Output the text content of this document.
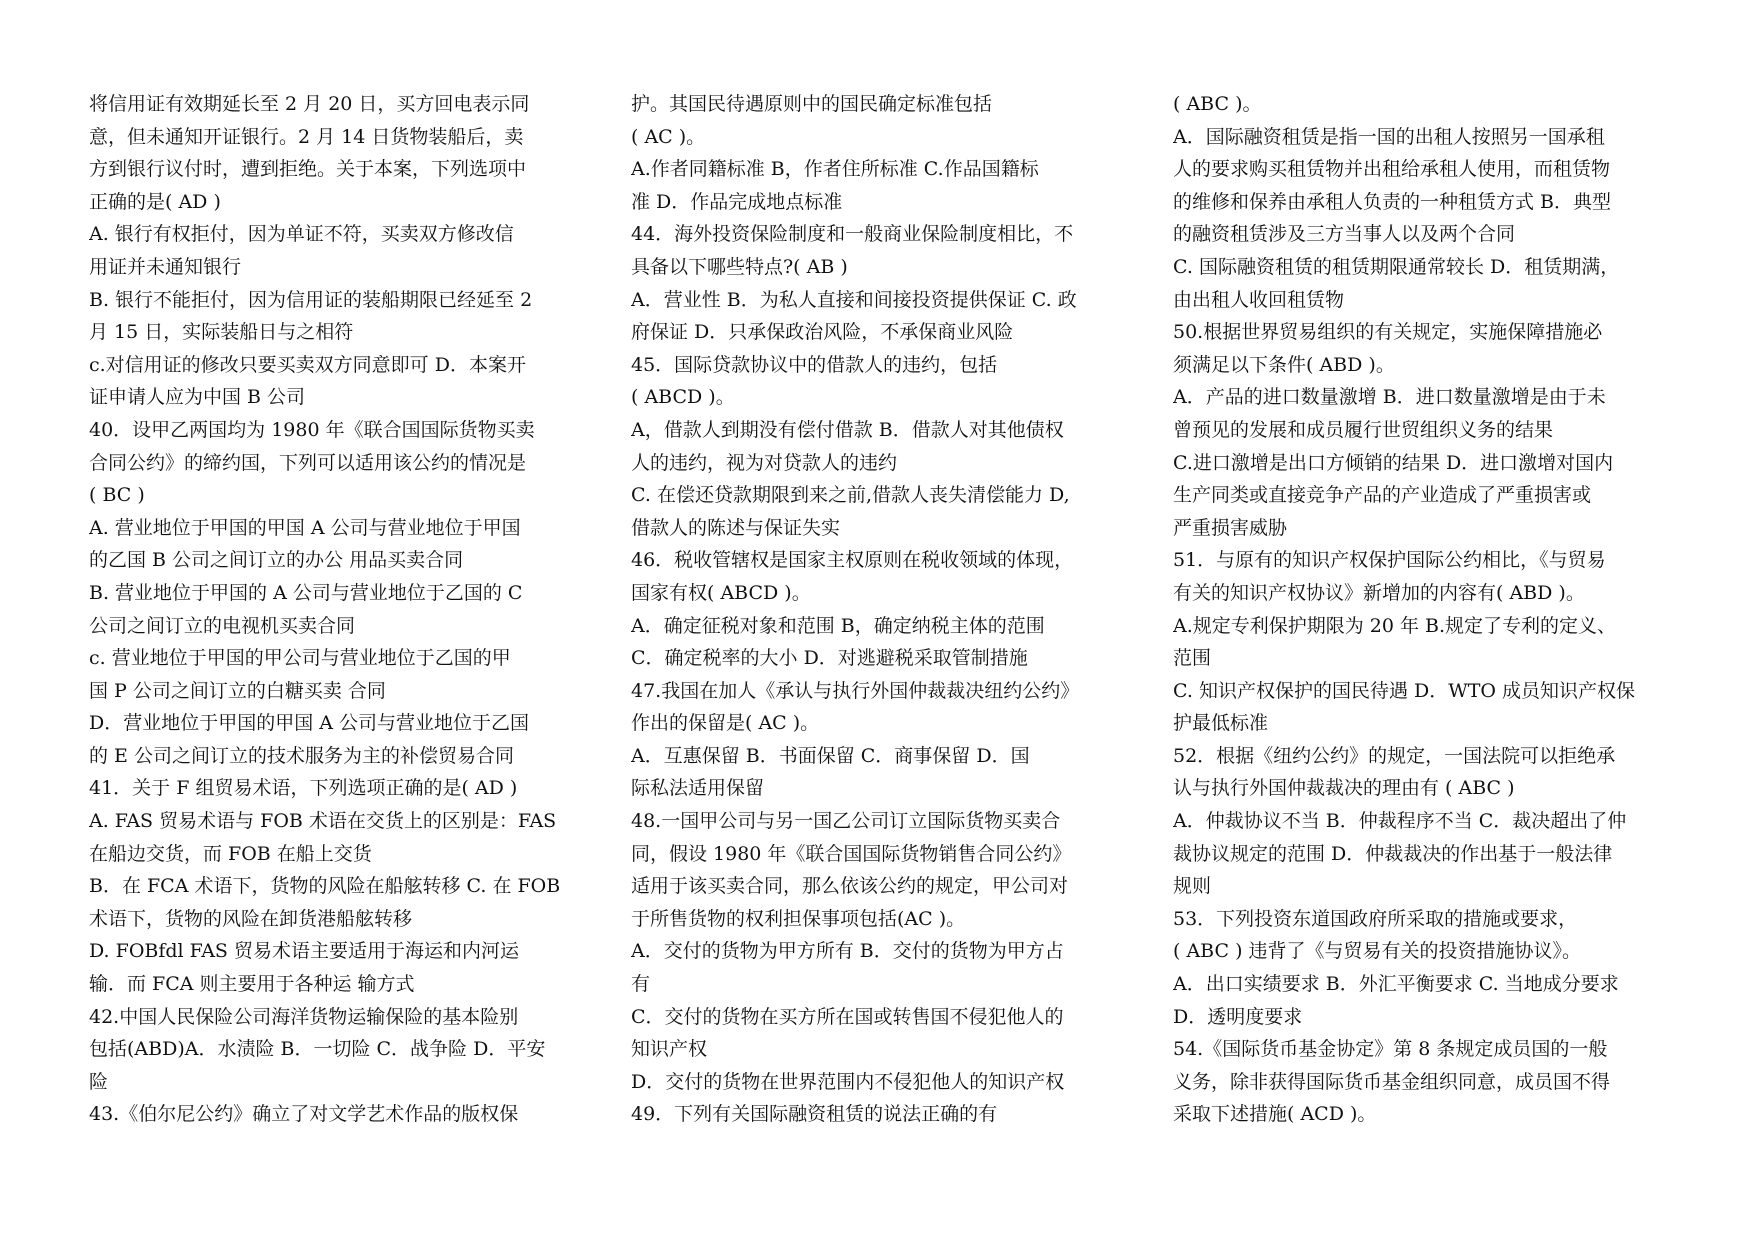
将信用证有效期延长至 2 月 20 日，买方回电表示同
意，但未通知开证银行。2 月 14 日货物装船后，卖
方到银行议付时，遭到拒绝。关于本案，下列选项中
正确的是( AD )
A. 银行有权拒付，因为单证不符，买卖双方修改信
用证并未通知银行
B. 银行不能拒付，因为信用证的装船期限已经延至 2
月 15 日，实际装船日与之相符
c.对信用证的修改只要买卖双方同意即可 D．本案开
证申请人应为中国 B 公司
40．设甲乙两国均为 1980 年《联合国国际货物买卖
合同公约》的缔约国，下列可以适用该公约的情况是
( BC )
A. 营业地位于甲国的甲国 A 公司与营业地位于甲国
的乙国 B 公司之间订立的办公 用品买卖合同
B. 营业地位于甲国的 A 公司与营业地位于乙国的 C
公司之间订立的电视机买卖合同
c. 营业地位于甲国的甲公司与营业地位于乙国的甲
国 P 公司之间订立的白糖买卖 合同
D．营业地位于甲国的甲国 A 公司与营业地位于乙国
的 E 公司之间订立的技术服务为主的补偿贸易合同
41．关于 F 组贸易术语，下列选项正确的是( AD )
A. FAS 贸易术语与 FOB 术语在交货上的区别是：FAS
在船边交货，而 FOB 在船上交货
B．在 FCA 术语下，货物的风险在船舷转移 C. 在 FOB
术语下，货物的风险在卸货港船舷转移
D. FOBfdl FAS 贸易术语主要适用于海运和内河运
输．而 FCA 则主要用于各种运 输方式
42.中国人民保险公司海洋货物运输保险的基本险别
包括(ABD)A．水渍险 B．一切险 C．战争险 D．平安
险
43.《伯尔尼公约》确立了对文学艺术作品的版权保
护。其国民待遇原则中的国民确定标准包括
( AC )。
A.作者同籍标准 B，作者住所标准 C.作品国籍标
准 D．作品完成地点标准
44．海外投资保险制度和一般商业保险制度相比，不
具备以下哪些特点?( AB )
A．营业性 B．为私人直接和间接投资提供保证 C. 政
府保证 D．只承保政治风险，不承保商业风险
45．国际贷款协议中的借款人的违约，包括
( ABCD )。
A，借款人到期没有偿付借款 B．借款人对其他债权
人的违约，视为对贷款人的违约
C. 在偿还贷款期限到来之前,借款人丧失清偿能力 D,
借款人的陈述与保证失实
46．税收管辖权是国家主权原则在税收领域的体现，
国家有权( ABCD )。
A．确定征税对象和范围 B，确定纳税主体的范围
C．确定税率的大小 D．对逃避税采取管制措施
47.我国在加人《承认与执行外国仲裁裁决纽约公约》
作出的保留是( AC )。
A．互惠保留 B．书面保留 C．商事保留 D．国
际私法适用保留
48.一国甲公司与另一国乙公司订立国际货物买卖合
同，假设 1980 年《联合国国际货物销售合同公约》
适用于该买卖合同，那么依该公约的规定，甲公司对
于所售货物的权利担保事项包括(AC )。
A．交付的货物为甲方所有 B．交付的货物为甲方占
有
C．交付的货物在买方所在国或转售国不侵犯他人的
知识产权
D．交付的货物在世界范围内不侵犯他人的知识产权
49．下列有关国际融资租赁的说法正确的有
( ABC )。
A．国际融资租赁是指一国的出租人按照另一国承租
人的要求购买租赁物并出租给承租人使用，而租赁物
的维修和保养由承租人负责的一种租赁方式 B．典型
的融资租赁涉及三方当事人以及两个合同
C. 国际融资租赁的租赁期限通常较长 D．租赁期满，
由出租人收回租赁物
50.根据世界贸易组织的有关规定，实施保障措施必
须满足以下条件( ABD )。
A．产品的进口数量激增 B．进口数量激增是由于未
曾预见的发展和成员履行世贸组织义务的结果
C.进口激增是出口方倾销的结果 D．进口激增对国内
生产同类或直接竞争产品的产业造成了严重损害或
严重损害威胁
51．与原有的知识产权保护国际公约相比，《与贸易
有关的知识产权协议》新增加的内容有( ABD )。
A.规定专利保护期限为 20 年 B.规定了专利的定义、
范围
C. 知识产权保护的国民待遇 D．WTO 成员知识产权保
护最低标准
52．根据《纽约公约》的规定，一国法院可以拒绝承
认与执行外国仲裁裁决的理由有 ( ABC )
A．仲裁协议不当 B．仲裁程序不当 C．裁决超出了仲
裁协议规定的范围 D．仲裁裁决的作出基于一般法律
规则
53．下列投资东道国政府所采取的措施或要求，
( ABC ) 违背了《与贸易有关的投资措施协议》。
A．出口实绩要求 B．外汇平衡要求 C. 当地成分要求
D．透明度要求
54.《国际货币基金协定》第 8 条规定成员国的一般
义务，除非获得国际货币基金组织同意，成员国不得
采取下述措施( ACD )。
